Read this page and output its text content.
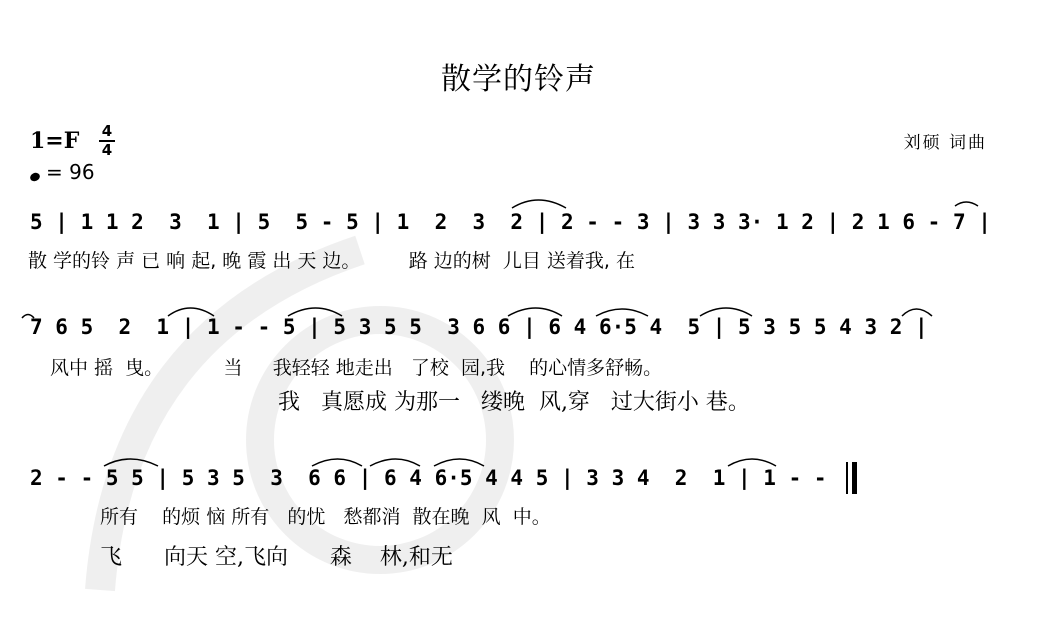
散学的铃声
1=F	4
4
= 96
刘硕 词曲
5 | 1 1 2  3  1 | 5  5 - 5 | 1  2  3  2 | 2 - - 3 | 3 3 3· 1 2 | 2 1 6 - 7 |
散 学的铃 声 已 响 起, 晚 霞 出 天 边。        路 边的树  儿目 送着我, 在
7 6 5  2  1 | 1 - - 5 | 5 3 5 5  3 6 6 | 6 4 6·5 4  5 | 5 3 5 5 4 3 2 |
风中 摇  曳。          当     我轻轻 地走出   了校  园,我    的心情多舒畅。
我   真愿成 为那一   缕晚  风,穿   过大街小 巷。
2 - - 5 5 | 5 3 5  3  6 6 | 6 4 6·5 4 4 5 | 3 3 4  2  1 | 1 - -
所有    的烦 恼 所有   的忧   愁都消  散在晚  风  中。
飞      向天 空,飞向      森    林,和无
